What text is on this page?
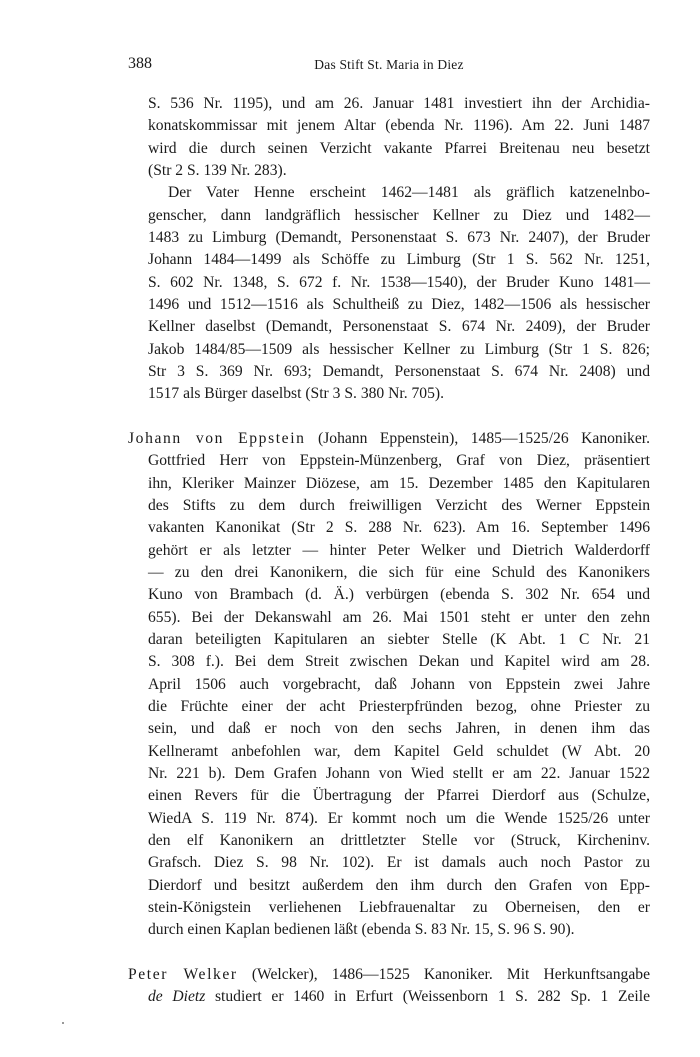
388	Das Stift St. Maria in Diez
S. 536 Nr. 1195), und am 26. Januar 1481 investiert ihn der Archidia-
konatskommissar mit jenem Altar (ebenda Nr. 1196). Am 22. Juni 1487
wird die durch seinen Verzicht vakante Pfarrei Breitenau neu besetzt
(Str 2 S. 139 Nr. 283).
Der Vater Henne erscheint 1462—1481 als gräflich katzenelnbo-
genscher, dann landgräflich hessischer Kellner zu Diez und 1482—
1483 zu Limburg (Demandt, Personenstaat S. 673 Nr. 2407), der Bruder
Johann 1484—1499 als Schöffe zu Limburg (Str 1 S. 562 Nr. 1251,
S. 602 Nr. 1348, S. 672 f. Nr. 1538—1540), der Bruder Kuno 1481—
1496 und 1512—1516 als Schultheiß zu Diez, 1482—1506 als hessischer
Kellner daselbst (Demandt, Personenstaat S. 674 Nr. 2409), der Bruder
Jakob 1484/85—1509 als hessischer Kellner zu Limburg (Str 1 S. 826;
Str 3 S. 369 Nr. 693; Demandt, Personenstaat S. 674 Nr. 2408) und
1517 als Bürger daselbst (Str 3 S. 380 Nr. 705).
Johann von Eppstein (Johann Eppenstein), 1485—1525/26 Kanoniker.
Gottfried Herr von Eppstein-Münzenberg, Graf von Diez, präsentiert
ihn, Kleriker Mainzer Diözese, am 15. Dezember 1485 den Kapitularen
des Stifts zu dem durch freiwilligen Verzicht des Werner Eppstein
vakanten Kanonikat (Str 2 S. 288 Nr. 623). Am 16. September 1496
gehört er als letzter — hinter Peter Welker und Dietrich Walderdorff
— zu den drei Kanonikern, die sich für eine Schuld des Kanonikers
Kuno von Brambach (d. Ä.) verbürgen (ebenda S. 302 Nr. 654 und
655). Bei der Dekanswahl am 26. Mai 1501 steht er unter den zehn
daran beteiligten Kapitularen an siebter Stelle (K Abt. 1 C Nr. 21
S. 308 f.). Bei dem Streit zwischen Dekan und Kapitel wird am 28.
April 1506 auch vorgebracht, daß Johann von Eppstein zwei Jahre
die Früchte einer der acht Priesterpfründen bezog, ohne Priester zu
sein, und daß er noch von den sechs Jahren, in denen ihm das
Kellneramt anbefohlen war, dem Kapitel Geld schuldet (W Abt. 20
Nr. 221 b). Dem Grafen Johann von Wied stellt er am 22. Januar 1522
einen Revers für die Übertragung der Pfarrei Dierdorf aus (Schulze,
WiedA S. 119 Nr. 874). Er kommt noch um die Wende 1525/26 unter
den elf Kanonikern an drittletzter Stelle vor (Struck, Kircheninv.
Grafsch. Diez S. 98 Nr. 102). Er ist damals auch noch Pastor zu
Dierdorf und besitzt außerdem den ihm durch den Grafen von Epp-
stein-Königstein verliehenen Liebfrauenaltar zu Oberneisen, den er
durch einen Kaplan bedienen läßt (ebenda S. 83 Nr. 15, S. 96 S. 90).
Peter Welker (Welcker), 1486—1525 Kanoniker. Mit Herkunftsangabe
de Dietz studiert er 1460 in Erfurt (Weissenborn 1 S. 282 Sp. 1 Zeile
